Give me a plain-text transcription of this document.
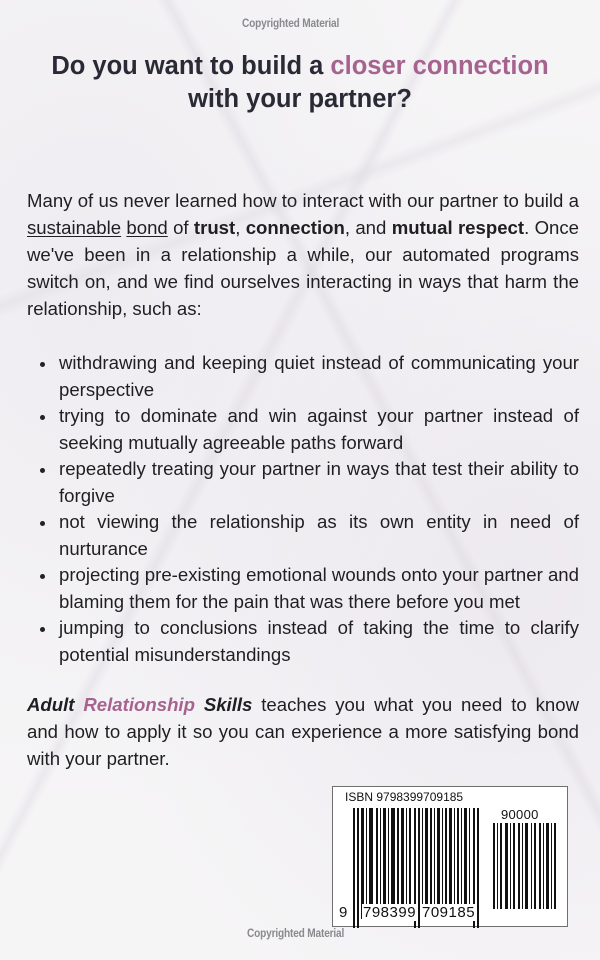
Copyrighted Material
Do you want to build a closer connection
with your partner?
Many of us never learned how to interact with our partner to build a sustainable bond of trust, connection, and mutual respect. Once we've been in a relationship a while, our automated programs switch on, and we find ourselves interacting in ways that harm the relationship, such as:
withdrawing and keeping quiet instead of communicating your perspective
trying to dominate and win against your partner instead of seeking mutually agreeable paths forward
repeatedly treating your partner in ways that test their ability to forgive
not viewing the relationship as its own entity in need of nurturance
projecting pre-existing emotional wounds onto your partner and blaming them for the pain that was there before you met
jumping to conclusions instead of taking the time to clarify potential misunderstandings
Adult Relationship Skills teaches you what you need to know and how to apply it so you can experience a more satisfying bond with your partner.
ISBN 9798399709185
90000
9 798399 709185
Copyrighted Material
